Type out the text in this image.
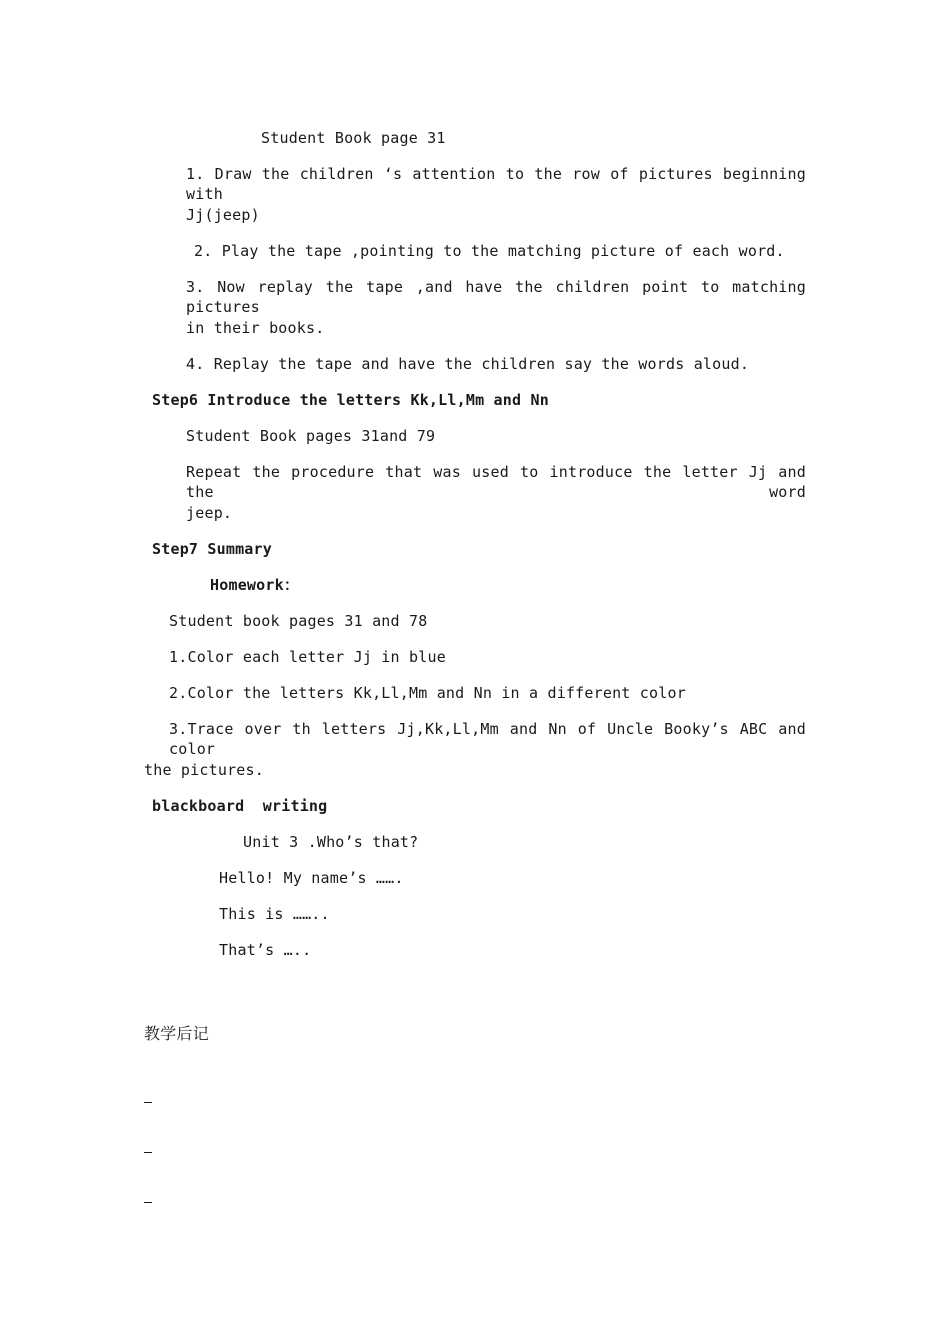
Student Book page 31
1. Draw the children ‘s attention to the row of pictures beginning with
Jj(jeep)
2. Play the tape ,pointing to the matching picture of each word.
3. Now replay the tape ,and have the children point to matching pictures
in their books.
4. Replay the tape and have the children say the words aloud.
Step6 Introduce the letters Kk,Ll,Mm and Nn
Student Book pages 31and 79
Repeat the procedure that was used to introduce the letter Jj and the word
jeep.
Step7 Summary
Homework：
Student book pages 31 and 78
1.Color each letter Jj in blue
2.Color the letters Kk,Ll,Mm and Nn in a different color
3.Trace over th letters Jj,Kk,Ll,Mm and Nn of Uncle Booky’s ABC and color
the pictures.
blackboard  writing
Unit 3 .Who’s that?
Hello! My name’s …….
This is ……..
That’s …..
教学后记
